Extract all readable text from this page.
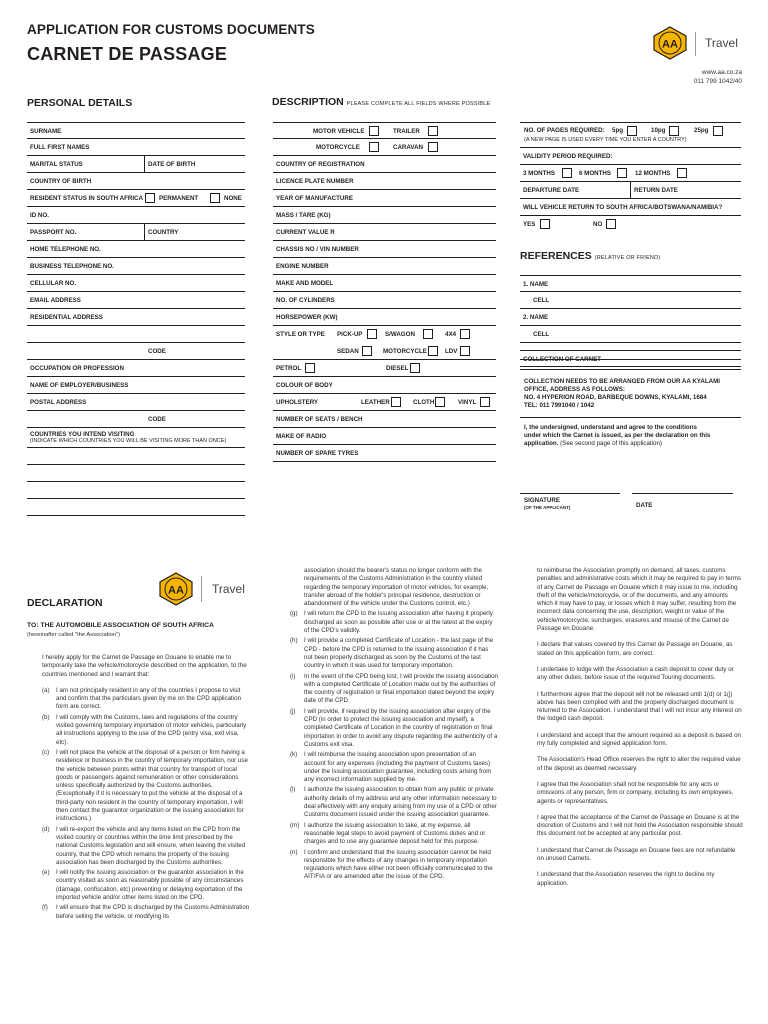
APPLICATION FOR CUSTOMS DOCUMENTS
CARNET DE PASSAGE	AA Travel
www.aa.co.za
011 799 1042/40
PERSONAL DETAILS	DESCRIPTION PLEASE COMPLETE ALL FIELDS WHERE POSSIBLE
SURNAME
FULL FIRST NAMES
MARITAL STATUS	DATE OF BIRTH
COUNTRY OF BIRTH
RESIDENT STATUS IN SOUTH AFRICA	PERMANENT	NONE
ID NO.
PASSPORT NO.	COUNTRY
HOME TELEPHONE NO.
BUSINESS TELEPHONE NO.
CELLULAR NO.
EMAIL ADDRESS
RESIDENTIAL ADDRESS
CODE
OCCUPATION OR PROFESSION
NAME OF EMPLOYER/BUSINESS
POSTAL ADDRESS
CODE
COUNTRIES YOU INTEND VISITING
(INDICATE WHICH COUNTRIES YOU WILL BE VISITING MORE THAN ONCE)
MOTOR VEHICLE	TRAILER
MOTORCYCLE	CARAVAN
COUNTRY OF REGISTRATION
LICENCE PLATE NUMBER
YEAR OF MANUFACTURE
MASS / TARE (KG)
CURRENT VALUE R
CHASSIS NO / VIN NUMBER
ENGINE NUMBER
MAKE AND MODEL
NO. OF CYLINDERS
HORSEPOWER (KW)
STYLE OR TYPE PICK-UP	S/WAGON	4X4
SEDAN	MOTORCYCLE	LDV
PETROL	DIESEL
COLOUR OF BODY
UPHOLSTERY	LEATHER	CLOTH	VINYL
NUMBER OF SEATS / BENCH
MAKE OF RADIO
NUMBER OF SPARE TYRES
NO. OF PAGES REQUIRED: 5pg	10pg	25pg
(A NEW PAGE IS USED EVERY TIME YOU ENTER A COUNTRY)
VALIDITY PERIOD REQUIRED:
3 MONTHS	6 MONTHS	12 MONTHS
DEPARTURE DATE	RETURN DATE
WILL VEHICLE RETURN TO SOUTH AFRICA/BOTSWANA/NAMIBIA?
YES	NO
REFERENCES (RELATIVE OR FRIEND)
1. NAME
CELL
2. NAME
CELL
COLLECTION OF CARNET
COLLECTION NEEDS TO BE ARRANGED FROM OUR AA KYALAMI
OFFICE, ADDRESS AS FOLLOWS:
NO. 4 HYPERION ROAD, BARBEQUE DOWNS, KYALAMI, 1684
TEL: 011 7991040 / 1042
I, the undersigned, understand and agree to the conditions
under which the Carnet is issued, as per the declaration on this
application. (See second page of this application)
SIGNATURE
(OF THE APPLICANT)	DATE
AA Travel
DECLARATION
TO: THE AUTOMOBILE ASSOCIATION OF SOUTH AFRICA
(hereinafter called "the Association")

I hereby apply for the Carnet de Passage en Douane to enable me to temporarily take the vehicle/motorcycle described on the application, to the countries mentioned and I warrant that:

(a) I am not principally resident in any of the countries I propose to visit and confirm that the particulars given by me on the CPD application form are correct.
(b) I will comply with the Customs, laws and regulations of the country visited governing temporary importation of motor vehicles, particularly all instructions applying to the use of the CPD (entry visa, exit visa, etc).
(c) I will not place the vehicle at the disposal of a person or firm having a residence or business in the country of temporary importation, nor use the vehicle between points within that country for transport of local goods or passengers against remuneration or other considerations unless specifically authorized by the Customs authorities. (Exceptionally if it is necessary to put the vehicle at the disposal of a third-party non resident in the country of temporary importation, I will then contact the guarantor organization or the issuing association for instructions.)
(d) I will re-export the vehicle and any items listed on the CPD from the visited country or countries within the time limit prescribed by the national Customs legislation and will ensure, when leaving the visited country, that the CPD which remains the property of the issuing association has been discharged by the Customs authorities.
(e) I will notify the issuing association or the guarantor association in the country visited as soon as reasonably possible of any circumstances (damage, confiscation, etc) preventing or delaying exportation of the imported vehicle and/or other items listed on the CPD.
(f) I will ensure that the CPD is discharged by the Customs Administration before selling the vehicle, or modifying its
association should the bearer's status no longer conform with the requirements of the Customs Administration in the country visited regarding the temporary importation of motor vehicles, for example, transfer abroad of the holder's principal residence, destruction or abandonment of the vehicle under the Customs control, etc.)
(g) I will return the CPD to the issuing association after having it properly discharged as soon as possible after use or at the latest at the expiry of the CPD's validity.
(h) I will provide a completed Certificate of Location - the last page of the CPD - before the CPD is returned to the issuing association if it has not been properly discharged as soon by the Customs of the last country in which it was used for temporary importation.
(i) In the event of the CPD being lost, I will provide the issuing association with a completed Certificate of Location made out by the authorities of the country of registration or final importation dated beyond the expiry date of the CPD.
(j) I will provide, if required by the issuing association after expiry of the CPD (in order to protect the issuing association and myself), a completed Certificate of Location in the country of registration or final importation in order to avoid any dispute regarding the authenticity of a Customs exit visa.
(k) I will reimburse the issuing association upon presentation of an account for any expenses (including the payment of Customs taxes) under the issuing association guarantee, including costs arising from any incorrect information supplied by me.
(l) I authorize the issuing association to obtain from any public or private authority details of my address and any other information necessary to deal effectively with any enquiry arising from my use of a CPD or other Customs document issued under the issuing association guarantee.
(m) I authorize the issuing association to take, at my expense, all reasonable legal steps to avoid payment of Customs duties and or charges and to use any guarantee deposit held for this purpose.
(n) I confirm and understand that the issuing association cannot be held responsible for the effects of any changes in temporary importation regulations which have either not been officially communicated to the AIT/FIA or are amended after the issue of the CPD.

to reimburse the Association promptly on demand, all taxes, customs penalties and administrative costs which it may be required to pay in terms of any Carnet de Passage en Douane which it may issue to me, including theft of the vehicle/motorcycle, or of the documents, and any amounts which it may have to pay, or losses which it may suffer, resulting from the incorrect data concerning the use, description, weight or value of the vehicle/motorcycle, surcharges, erasures and misuse of the Carnet de Passage en Douane.

I declare that values covered by this Carnet de Passage en Douane, as stated on this application form, are correct.

I undertake to lodge with the Association a cash deposit to cover duty or any other duties, before issue of the required Touring documents.

I furthermore agree that the deposit will not be released until 1(d) or 1(j) above has been complied with and the properly discharged document is returned to the Association. I understand that I will not incur any interest on the lodged cash deposit.

I understand and accept that the amount required as a deposit is based on my fully completed and signed application form.

The Association's Head Office reserves the right to alter the required value of the deposit as deemed necessary.

I agree that the Association shall not be responsible for any acts or omissions of any person, firm or company, including its own employees, agents or representatives.

I agree that the acceptance of the Carnet de Passage en Douane is at the discretion of Customs and I will not hold the Association responsible should this document not be accepted at any particular post.

I understand that Carnet de Passage en Douane fees are not refundable on unused Carnets.

I understand that the Association reserves the right to decline my application.
